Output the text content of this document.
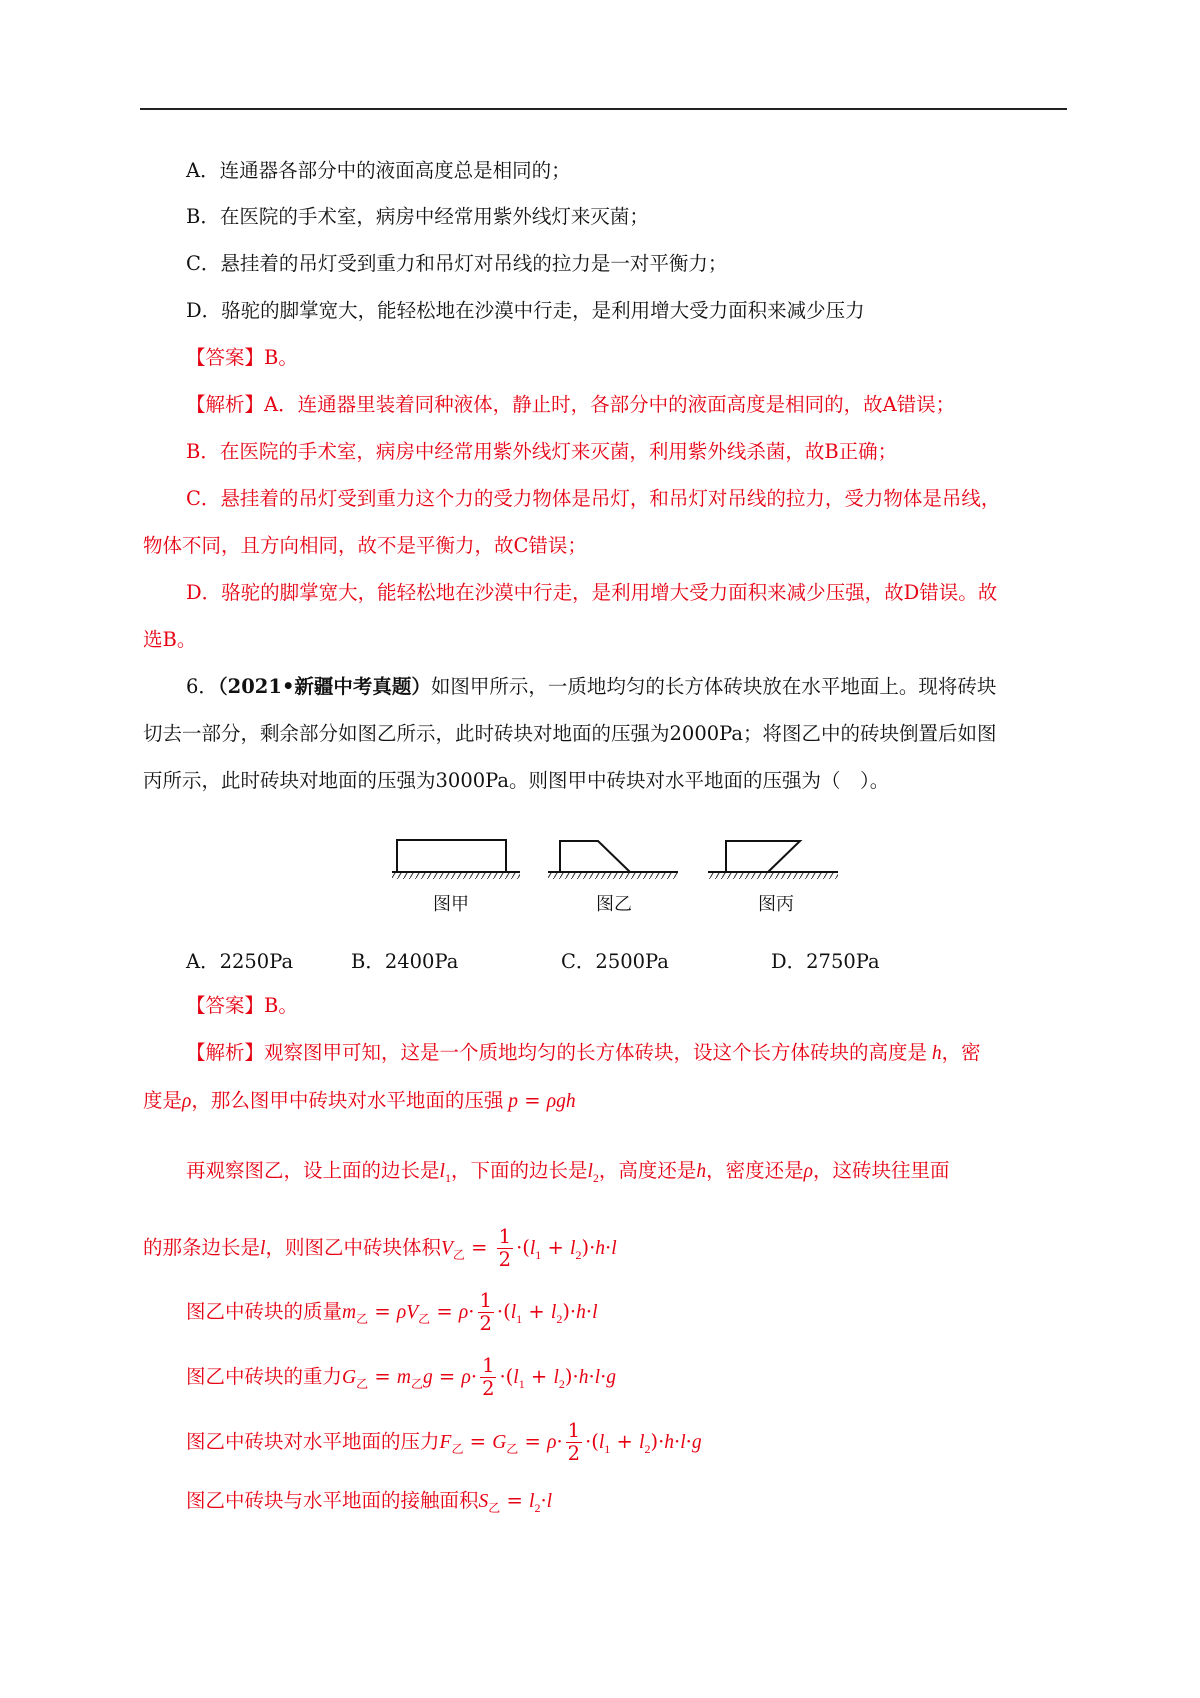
A．连通器各部分中的液面高度总是相同的；
B．在医院的手术室，病房中经常用紫外线灯来灭菌；
C．悬挂着的吊灯受到重力和吊灯对吊线的拉力是一对平衡力；
D．骆驼的脚掌宽大，能轻松地在沙漠中行走，是利用增大受力面积来减少压力
【答案】B。
【解析】A．连通器里装着同种液体，静止时，各部分中的液面高度是相同的，故A错误；
B．在医院的手术室，病房中经常用紫外线灯来灭菌，利用紫外线杀菌，故B正确；
C．悬挂着的吊灯受到重力这个力的受力物体是吊灯，和吊灯对吊线的拉力，受力物体是吊线，
物体不同，且方向相同，故不是平衡力，故C错误；
D．骆驼的脚掌宽大，能轻松地在沙漠中行走，是利用增大受力面积来减少压强，故D错误。故
选B。
6．（2021•新疆中考真题）如图甲所示，一质地均匀的长方体砖块放在水平地面上。现将砖块
切去一部分，剩余部分如图乙所示，此时砖块对地面的压强为2000Pa；将图乙中的砖块倒置后如图
丙所示，此时砖块对地面的压强为3000Pa。则图甲中砖块对水平地面的压强为（　）。
图甲	图乙	图丙
A．2250Pa	B．2400Pa	C．2500Pa	D．2750Pa
【答案】B。
【解析】观察图甲可知，这是一个质地均匀的长方体砖块，设这个长方体砖块的高度是 h，密
度是ρ，那么图甲中砖块对水平地面的压强 p = ρgh
再观察图乙，设上面的边长是$l_1$，下面的边长是$l_2$，高度还是h，密度还是ρ，这砖块往里面
的那条边长是l，则图乙中砖块体积$V_乙 = \frac{1}{2} \cdot(l_1 + l_2)\cdot h\cdot l$
图乙中砖块的质量$m_乙 = \rho V_乙 = \rho\cdot \frac{1}{2} \cdot(l_1 + l_2)\cdot h\cdot l$
图乙中砖块的重力$G_乙 = m_乙g = \rho\cdot \frac{1}{2} \cdot(l_1 + l_2)\cdot h\cdot l\cdot g$
图乙中砖块对水平地面的压力$F_乙 = G_乙 = \rho\cdot \frac{1}{2} \cdot(l_1 + l_2)\cdot h\cdot l\cdot g$
图乙中砖块与水平地面的接触面积$S_乙 = l_2\cdot l$
